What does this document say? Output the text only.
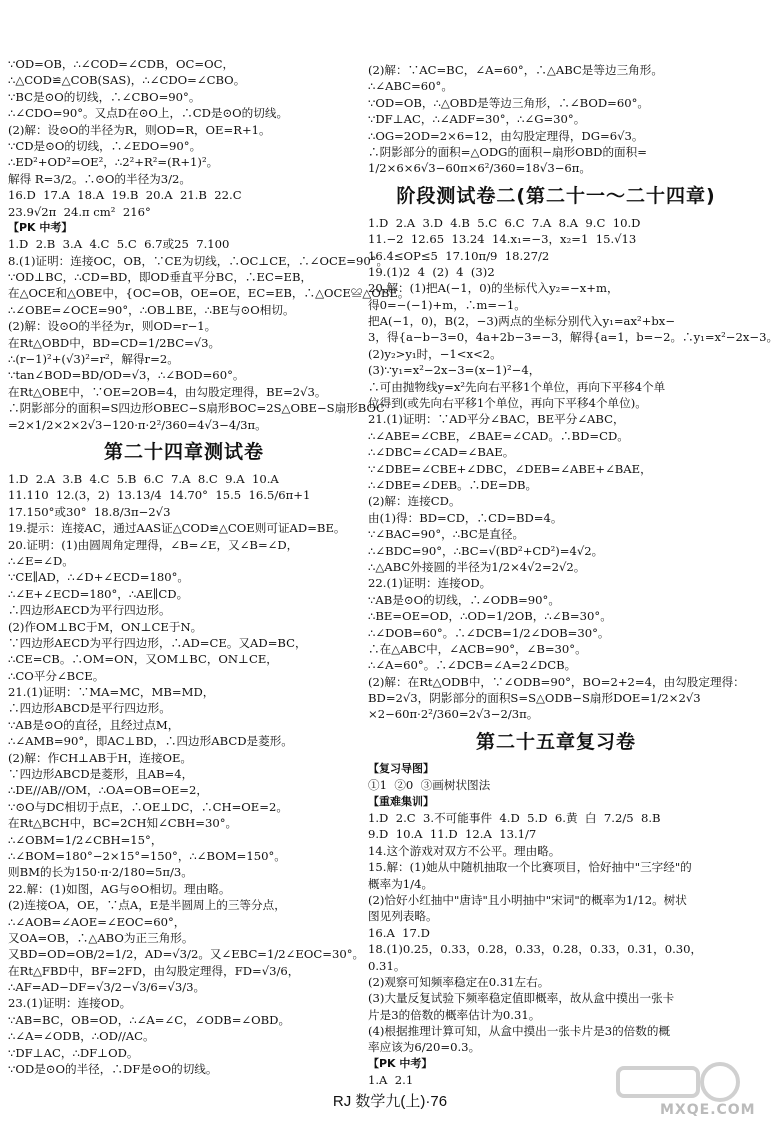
∵OD=OB，∴∠COD=∠CDB，OC=OC，
∴△COD≌△COB(SAS)，∴∠CDO=∠CBO。
∵BC是⊙O的切线，∴∠CBO=90°。
∴∠CDO=90°。又点D在⊙O上，∴CD是⊙O的切线。
(2)解：设⊙O的半径为R，则OD=R，OE=R+1。
∵CD是⊙O的切线，∴∠EDO=90°。
∴ED²+OD²=OE²，∴2²+R²=(R+1)²。
解得 R=3/2。∴⊙O的半径为3/2。
16.D  17.A  18.A  19.B  20.A  21.B  22.C
23.9√2π  24.π cm²  216°
【PK 中考】
1.D  2.B  3.A  4.C  5.C  6.7或25  7.100
8.(1)证明：连接OC，OB，∵CE为切线，∴OC⊥CE，∴∠OCE=90°。
∵OD⊥BC，∴CD=BD，即OD垂直平分BC，∴EC=EB，
在△OCE和△OBE中，{OC=OB，OE=OE，EC=EB，∴△OCE≌△OBE。
∴∠OBE=∠OCE=90°，∴OB⊥BE，∴BE与⊙O相切。
(2)解：设⊙O的半径为r，则OD=r−1。
在Rt△OBD中，BD=CD=1/2BC=√3。
∴(r−1)²+(√3)²=r²，解得r=2。
∵tan∠BOD=BD/OD=√3，∴∠BOD=60°。
在Rt△OBE中，∵OE=2OB=4，由勾股定理得，BE=2√3。
∴阴影部分的面积=S四边形OBEC−S扇形BOC=2S△OBE−S扇形BOC
=2×1/2×2×2√3−120·π·2²/360=4√3−4/3π。
第二十四章测试卷
1.D  2.A  3.B  4.C  5.B  6.C  7.A  8.C  9.A  10.A
11.110  12.(3，2)  13.13/4  14.70°  15.5  16.5/6π+1
17.150°或30°  18.8/3π−2√3
19.提示：连接AC，通过AAS证△COD≌△COE则可证AD=BE。
20.证明：(1)由圆周角定理得，∠B=∠E，又∠B=∠D，
∴∠E=∠D。
∵CE∥AD，∴∠D+∠ECD=180°。
∴∠E+∠ECD=180°，∴AE∥CD。
∴四边形AECD为平行四边形。
(2)作OM⊥BC于M，ON⊥CE于N。
∵四边形AECD为平行四边形，∴AD=CE。又AD=BC，
∴CE=CB。∴OM=ON，又OM⊥BC，ON⊥CE，
∴CO平分∠BCE。
21.(1)证明：∵MA=MC，MB=MD，
∴四边形ABCD是平行四边形。
∵AB是⊙O的直径，且经过点M，
∴∠AMB=90°，即AC⊥BD，∴四边形ABCD是菱形。
(2)解：作CH⊥AB于H，连接OE。
∵四边形ABCD是菱形，且AB=4，
∴DE//AB//OM，∴OA=OB=OE=2，
∵⊙O与DC相切于点E，∴OE⊥DC，∴CH=OE=2。
在Rt△BCH中，BC=2CH知∠CBH=30°。
∴∠OBM=1/2∠CBH=15°，
∴∠BOM=180°−2×15°=150°，∴∠BOM=150°。
则BM的长为150·π·2/180=5π/3。
22.解：(1)如图，AG与⊙O相切。理由略。
(2)连接OA，OE，∵点A，E是半圆周上的三等分点，
∴∠AOB=∠AOE=∠EOC=60°，
又OA=OB，∴△ABO为正三角形。
又BD=OD=OB/2=1/2，AD=√3/2。又∠EBC=1/2∠EOC=30°。
在Rt△FBD中，BF=2FD，由勾股定理得，FD=√3/6，
∴AF=AD−DF=√3/2−√3/6=√3/3。
23.(1)证明：连接OD。
∵AB=BC，OB=OD，∴∠A=∠C，∠ODB=∠OBD。
∴∠A=∠ODB，∴OD//AC。
∵DF⊥AC，∴DF⊥OD。
∵OD是⊙O的半径，∴DF是⊙O的切线。
(2)解：∵AC=BC，∠A=60°，∴△ABC是等边三角形。
∴∠ABC=60°。
∵OD=OB，∴△OBD是等边三角形，∴∠BOD=60°。
∵DF⊥AC，∴∠ADF=30°，∴∠G=30°。
∴OG=2OD=2×6=12，由勾股定理得，DG=6√3。
∴阴影部分的面积=△ODG的面积−扇形OBD的面积=
1/2×6×6√3−60π×6²/360=18√3−6π。
阶段测试卷二(第二十一～二十四章)
1.D  2.A  3.D  4.B  5.C  6.C  7.A  8.A  9.C  10.D
11.−2  12.65  13.24  14.x₁=−3，x₂=1  15.√13
16.4≤OP≤5  17.10π/9  18.27/2
19.(1)2  4  (2)  4  (3)2
20.解：(1)把A(−1，0)的坐标代入y₂=−x+m，
得0=−(−1)+m，∴m=−1。
把A(−1，0)，B(2，−3)两点的坐标分别代入y₁=ax²+bx−
3，得{a−b−3=0，4a+2b−3=−3，解得{a=1，b=−2。∴y₁=x²−2x−3。
(2)y₂>y₁时，−1<x<2。
(3)∵y₁=x²−2x−3=(x−1)²−4，
∴可由抛物线y=x²先向右平移1个单位，再向下平移4个单
位得到(或先向右平移1个单位，再向下平移4个单位)。
21.(1)证明：∵AD平分∠BAC，BE平分∠ABC，
∴∠ABE=∠CBE，∠BAE=∠CAD。∴BD=CD。
∴∠DBC=∠CAD=∠BAE。
∵∠DBE=∠CBE+∠DBC，∠DEB=∠ABE+∠BAE，
∴∠DBE=∠DEB。∴DE=DB。
(2)解：连接CD。
由(1)得：BD=CD，∴CD=BD=4。
∵∠BAC=90°，∴BC是直径。
∴∠BDC=90°，∴BC=√(BD²+CD²)=4√2。
∴△ABC外接圆的半径为1/2×4√2=2√2。
22.(1)证明：连接OD。
∵AB是⊙O的切线，∴∠ODB=90°。
∴BE=OE=OD，∴OD=1/2OB，∴∠B=30°。
∴∠DOB=60°。∴∠DCB=1/2∠DOB=30°。
∴在△ABC中，∠ACB=90°，∠B=30°。
∴∠A=60°。∴∠DCB=∠A=2∠DCB。
(2)解：在Rt△ODB中，∵∠ODB=90°，BO=2+2=4，由勾股定理得：
BD=2√3，阴影部分的面积S=S△ODB−S扇形DOE=1/2×2√3
×2−60π·2²/360=2√3−2/3π。
第二十五章复习卷
【复习导图】
①1  ②0  ③画树状图法
【重难集训】
1.D  2.C  3.不可能事件  4.D  5.D  6.黄  白  7.2/5  8.B
9.D  10.A  11.D  12.A  13.1/7
14.这个游戏对双方不公平。理由略。
15.解：(1)她从中随机抽取一个比赛项目，恰好抽中"三字经"的
概率为1/4。
(2)恰好小红抽中"唐诗"且小明抽中"宋词"的概率为1/12。树状
图见列表略。
16.A  17.D
18.(1)0.25，0.33，0.28，0.33，0.28，0.33，0.31，0.30，
0.31。
(2)观察可知频率稳定在0.31左右。
(3)大量反复试验下频率稳定值即概率，故从盒中摸出一张卡
片是3的倍数的概率估计为0.31。
(4)根据推理计算可知，从盒中摸出一张卡片是3的倍数的概
率应该为6/20=0.3。
【PK 中考】
1.A  2.1
RJ 数学九(上)·76	MXQE.COM
